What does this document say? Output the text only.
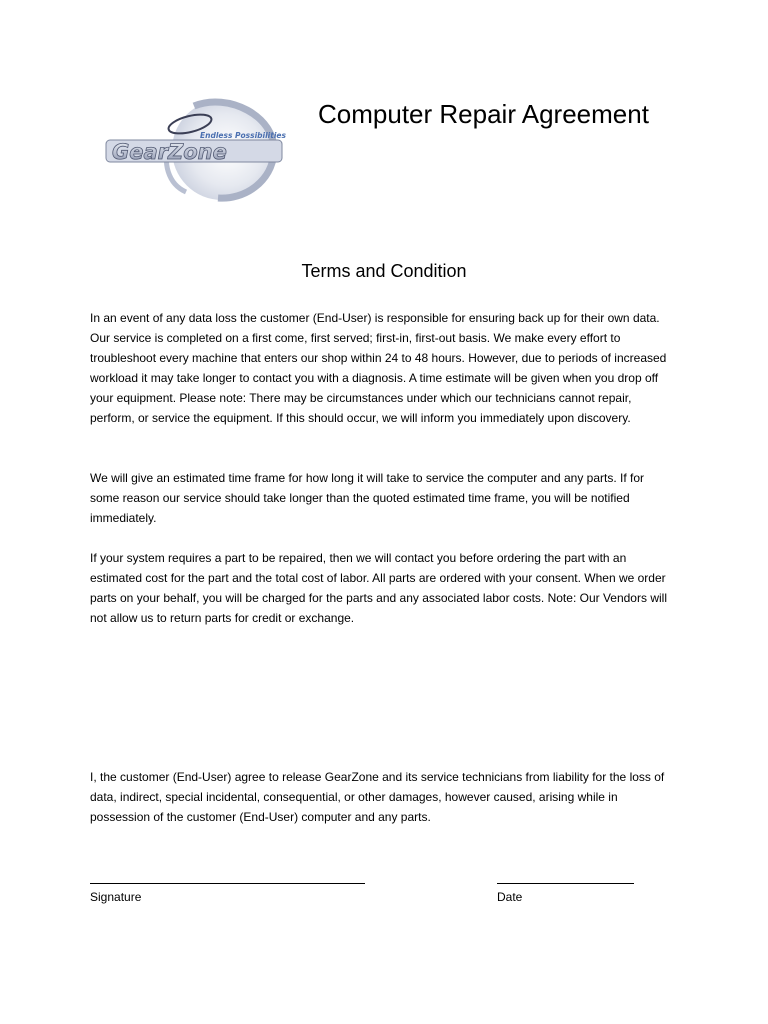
GearZone
Endless Possibilities
Computer Repair Agreement
Terms and Condition

In an event of any data loss the customer (End-User) is responsible for ensuring back up for their own data. Our service is completed on a first come, first served; first-in, first-out basis. We make every effort to troubleshoot every machine that enters our shop within 24 to 48 hours. However, due to periods of increased workload it may take longer to contact you with a diagnosis. A time estimate will be given when you drop off your equipment. Please note: There may be circumstances under which our technicians cannot repair, perform, or service the equipment. If this should occur, we will inform you immediately upon discovery.

We will give an estimated time frame for how long it will take to service the computer and any parts. If for some reason our service should take longer than the quoted estimated time frame, you will be notified immediately.

If your system requires a part to be repaired, then we will contact you before ordering the part with an estimated cost for the part and the total cost of labor. All parts are ordered with your consent. When we order parts on your behalf, you will be charged for the parts and any associated labor costs. Note: Our Vendors will not allow us to return parts for credit or exchange.

I, the customer (End-User) agree to release GearZone and its service technicians from liability for the loss of data, indirect, special incidental, consequential, or other damages, however caused, arising while in possession of the customer (End-User) computer and any parts.

Signature	Date
